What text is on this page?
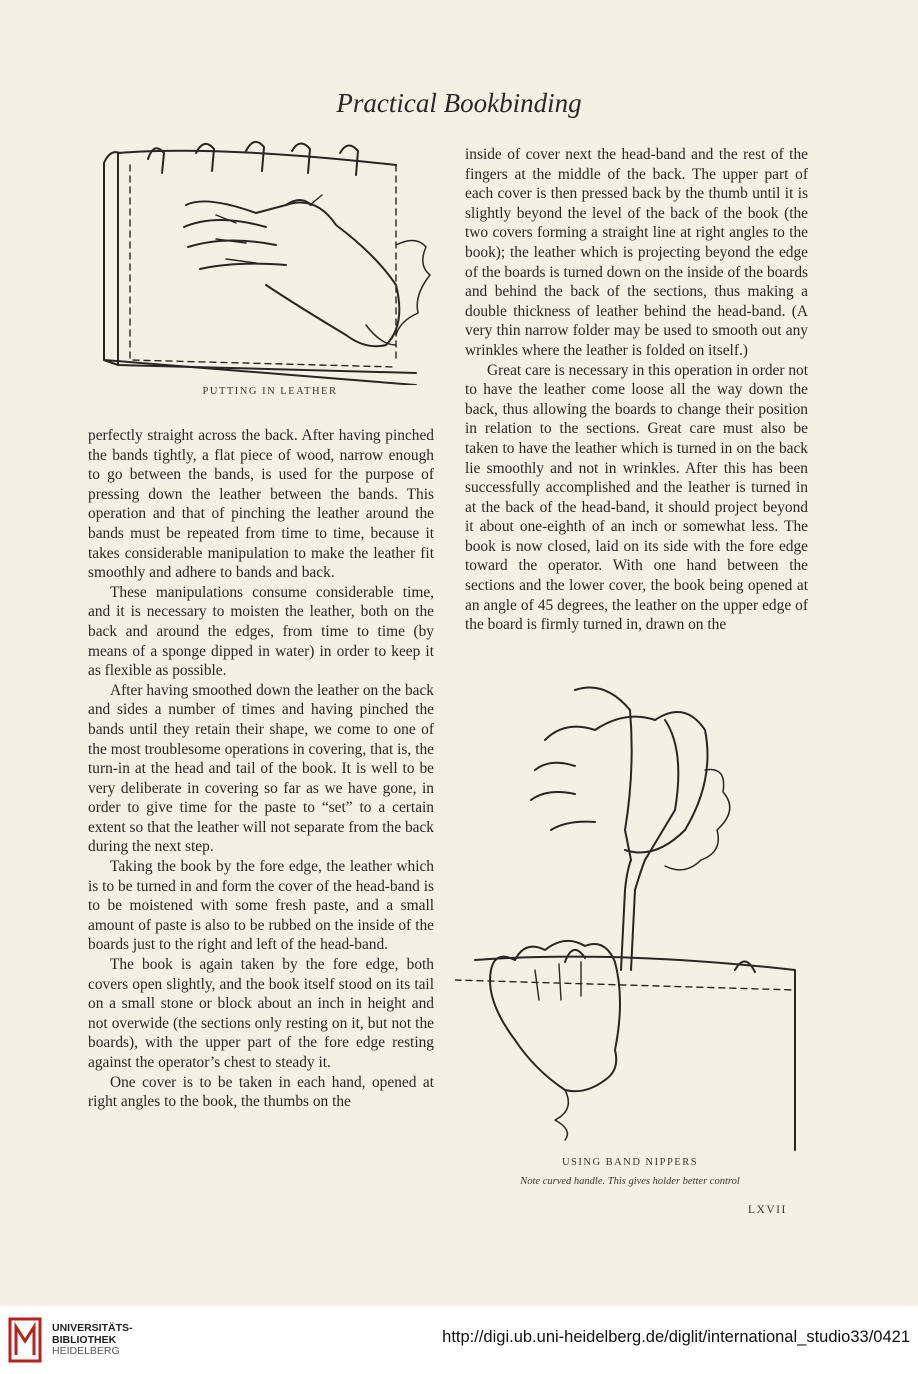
Practical Bookbinding
PUTTING IN LEATHER

perfectly straight across the back. After having pinched the bands tightly, a flat piece of wood, narrow enough to go between the bands, is used for the purpose of pressing down the leather between the bands. This operation and that of pinching the leather around the bands must be repeated from time to time, because it takes considerable manipulation to make the leather fit smoothly and adhere to bands and back.

These manipulations consume considerable time, and it is necessary to moisten the leather, both on the back and around the edges, from time to time (by means of a sponge dipped in water) in order to keep it as flexible as possible.

After having smoothed down the leather on the back and sides a number of times and having pinched the bands until they retain their shape, we come to one of the most troublesome operations in covering, that is, the turn-in at the head and tail of the book. It is well to be very deliberate in covering so far as we have gone, in order to give time for the paste to “set” to a certain extent so that the leather will not separate from the back during the next step.

Taking the book by the fore edge, the leather which is to be turned in and form the cover of the head-band is to be moistened with some fresh paste, and a small amount of paste is also to be rubbed on the inside of the boards just to the right and left of the head-band.

The book is again taken by the fore edge, both covers open slightly, and the book itself stood on its tail on a small stone or block about an inch in height and not overwide (the sections only resting on it, but not the boards), with the upper part of the fore edge resting against the operator’s chest to steady it.

One cover is to be taken in each hand, opened at right angles to the book, the thumbs on the

inside of cover next the head-band and the rest of the fingers at the middle of the back. The upper part of each cover is then pressed back by the thumb until it is slightly beyond the level of the back of the book (the two covers forming a straight line at right angles to the book); the leather which is projecting beyond the edge of the boards is turned down on the inside of the boards and behind the back of the sections, thus making a double thickness of leather behind the head-band. (A very thin narrow folder may be used to smooth out any wrinkles where the leather is folded on itself.)

Great care is necessary in this operation in order not to have the leather come loose all the way down the back, thus allowing the boards to change their position in relation to the sections. Great care must also be taken to have the leather which is turned in on the back lie smoothly and not in wrinkles. After this has been successfully accomplished and the leather is turned in at the back of the head-band, it should project beyond it about one-eighth of an inch or somewhat less. The book is now closed, laid on its side with the fore edge toward the operator. With one hand between the sections and the lower cover, the book being opened at an angle of 45 degrees, the leather on the upper edge of the board is firmly turned in, drawn on the

USING BAND NIPPERS
Note curved handle. This gives holder better control
LXVII
UNIVERSITÄTS-
BIBLIOTHEK
HEIDELBERG
http://digi.ub.uni-heidelberg.de/diglit/international_studio33/0421
